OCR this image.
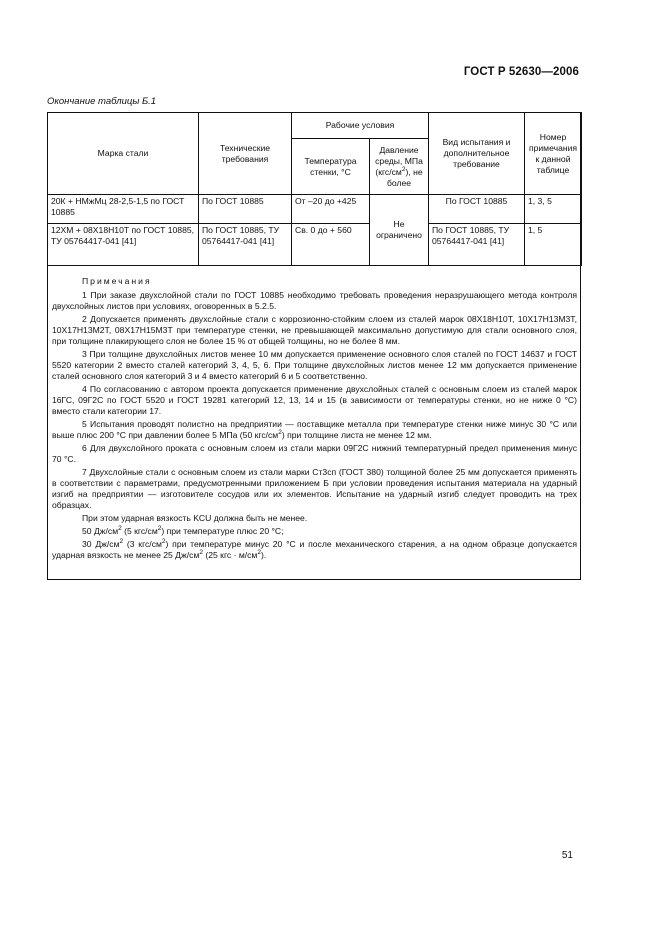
ГОСТ Р 52630—2006
Окончание таблицы Б.1
Марка стали	Технические требования	Рабочие условия		Вид испытания и дополнительное требование	Номер примечания к данной таблице
		Температура стенки, °С	Давление среды, МПа $(кгс/см^2)$, не более		
20К + НМжМц 28-2,5-1,5 по ГОСТ 10885	По ГОСТ 10885	От –20 до +425	Не ограничено	По ГОСТ 10885	1, 3, 5
12ХМ + 08Х18Н10Т по ГОСТ 10885, ТУ 05764417-041 [41]	По ГОСТ 10885, ТУ 05764417-041 [41]	Св. 0 до + 560		По ГОСТ 10885, ТУ 05764417-041 [41]	1, 5

Примечания

1 При заказе двухслойной стали по ГОСТ 10885 необходимо требовать проведения неразрушающего метода контроля двухслойных листов при условиях, оговоренных в 5.2.5.

2 Допускается применять двухслойные стали с коррозионно-стойким слоем из сталей марок 08Х18Н10Т, 10Х17Н13М3Т, 10Х17Н13М2Т, 08Х17Н15М3Т при температуре стенки, не превышающей максимально допустимую для стали основного слоя, при толщине плакирующего слоя не более 15 % от общей толщины, но не более 8 мм.

3 При толщине двухслойных листов менее 10 мм допускается применение основного слоя сталей по ГОСТ 14637 и ГОСТ 5520 категории 2 вместо сталей категорий 3, 4, 5, 6. При толщине двухслойных листов менее 12 мм допускается применение сталей основного слоя категорий 3 и 4 вместо категорий 6 и 5 соответственно.

4 По согласованию с автором проекта допускается применение двухслойных сталей с основным слоем из сталей марок 16ГС, 09Г2С по ГОСТ 5520 и ГОСТ 19281 категорий 12, 13, 14 и 15 (в зависимости от температуры стенки, но не ниже 0 °С) вместо стали категории 17.

5 Испытания проводят полистно на предприятии — поставщике металла при температуре стенки ниже минус 30 °С или выше плюс 200 °С при давлении более 5 МПа (50 кгс/$см^2$) при толщине листа не менее 12 мм.

6 Для двухслойного проката с основным слоем из стали марки 09Г2С нижний температурный предел применения минус 70 °С.

7 Двухслойные стали с основным слоем из стали марки Ст3сп (ГОСТ 380) толщиной более 25 мм допускается применять в соответствии с параметрами, предусмотренными приложением Б при условии проведения испытания материала на ударный изгиб на предприятии — изготовителе сосудов или их элементов. Испытание на ударный изгиб следует проводить на трех образцах.

При этом ударная вязкость KCU должна быть не менее.

50 $Дж/см^2$ (5 кгс/$см^2$) при температуре плюс 20 °С;

30 $Дж/см^2$ (3 кгс/$см^2$) при температуре минус 20 °С и после механического старения, а на одном образце допускается ударная вязкость не менее 25 $Дж/см^2$ (25 кгс · $м/см^2$).

51
